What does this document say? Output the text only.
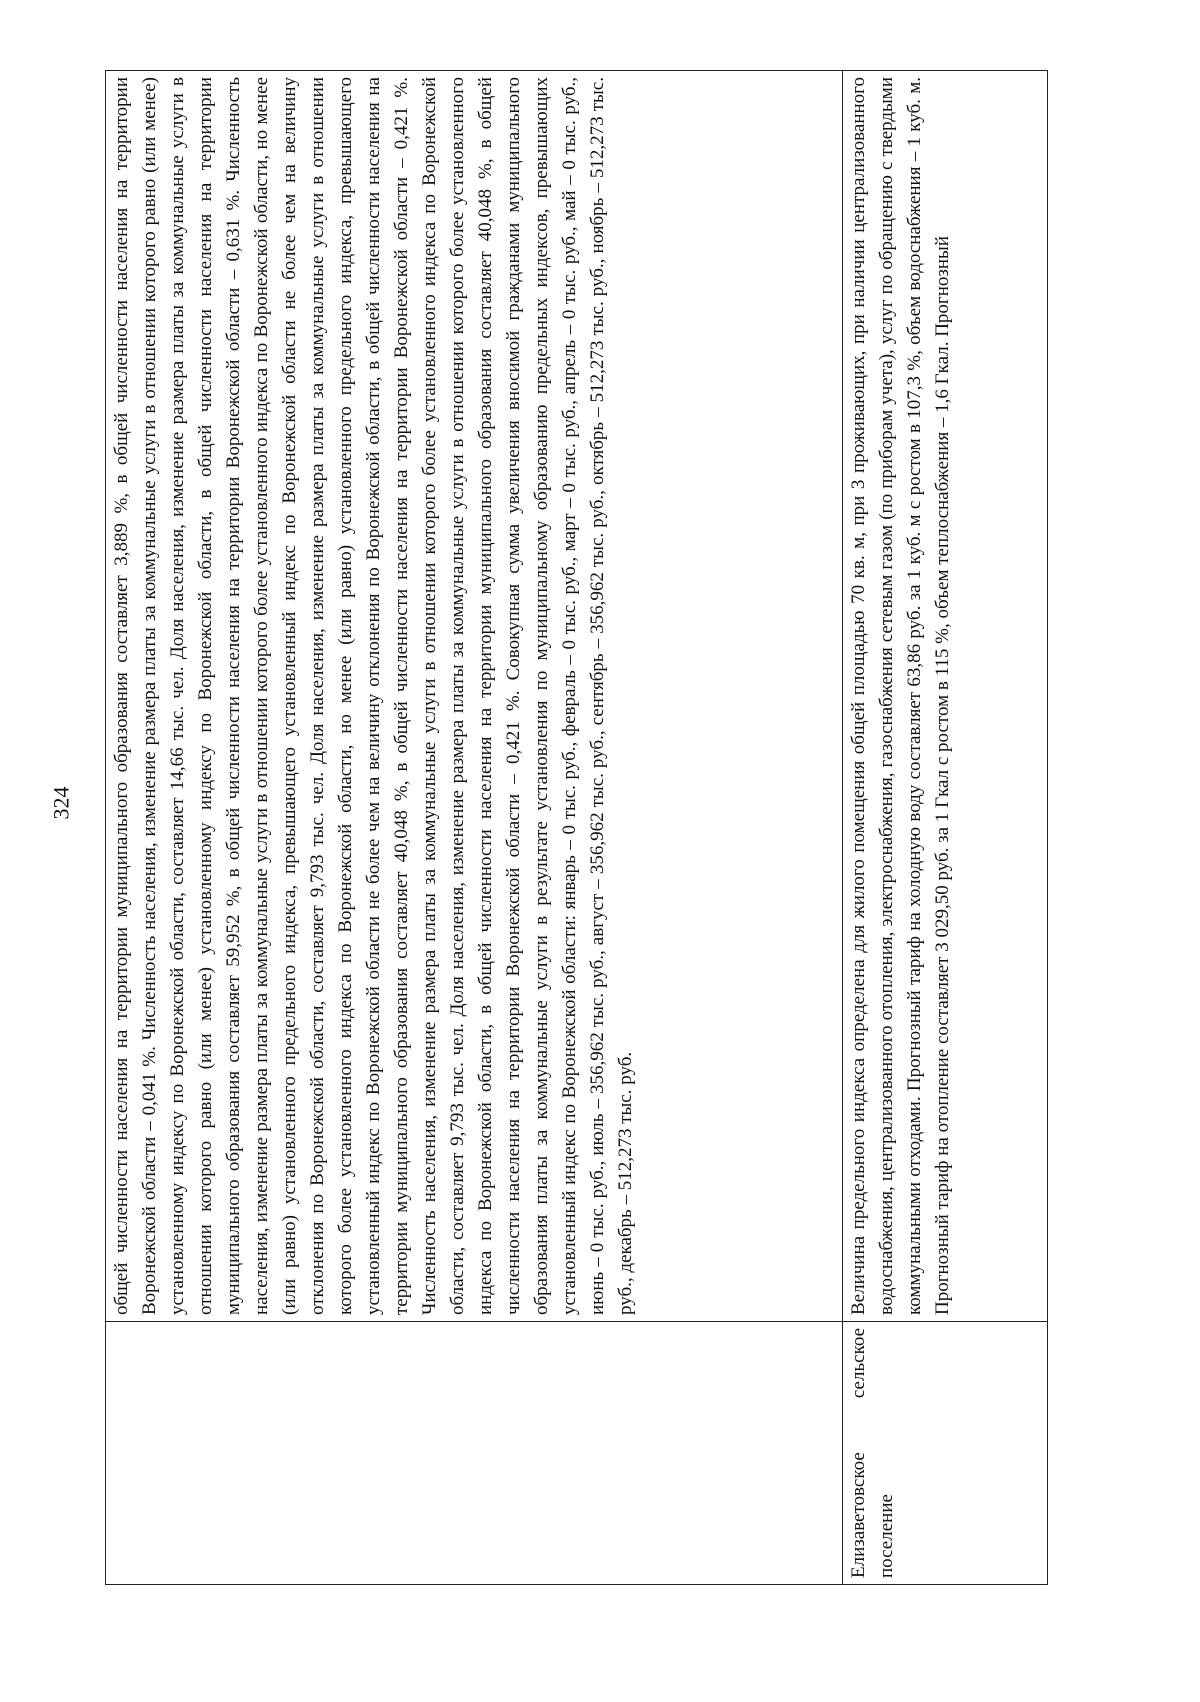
324
	общей численности населения на территории муниципального образования составляет 3,889 %, в общей численности населения на территории Воронежской области – 0,041 %. Численность населения, изменение размера платы за коммунальные услуги в отношении которого равно (или менее) установленному индексу по Воронежской области, составляет 14,66 тыс. чел. Доля населения, изменение размера платы за коммунальные услуги в отношении которого равно (или менее) установленному индексу по Воронежской области, в общей численности населения на территории муниципального образования составляет 59,952 %, в общей численности населения на территории Воронежской области – 0,631 %. Численность населения, изменение размера платы за коммунальные услуги в отношении которого более установленного индекса по Воронежской области, но менее (или равно) установленного предельного индекса, превышающего установленный индекс по Воронежской области не более чем на величину отклонения по Воронежской области, составляет 9,793 тыс. чел. Доля населения, изменение размера платы за коммунальные услуги в отношении которого более установленного индекса по Воронежской области, но менее (или равно) установленного предельного индекса, превышающего установленный индекс по Воронежской области не более чем на величину отклонения по Воронежской области, в общей численности населения на территории муниципального образования составляет 40,048 %, в общей численности населения на территории Воронежской области – 0,421 %. Численность населения, изменение размера платы за коммунальные услуги в отношении которого более установленного индекса по Воронежской области, составляет 9,793 тыс. чел. Доля населения, изменение размера платы за коммунальные услуги в отношении которого более установленного индекса по Воронежской области, в общей численности населения на территории муниципального образования составляет 40,048 %, в общей численности населения на территории Воронежской области – 0,421 %. Совокупная сумма увеличения вносимой гражданами муниципального образования платы за коммунальные услуги в результате установления по муниципальному образованию предельных индексов, превышающих установленный индекс по Воронежской области: январь – 0 тыс. руб., февраль – 0 тыс. руб., март – 0 тыс. руб., апрель – 0 тыс. руб., май – 0 тыс. руб., июнь – 0 тыс. руб., июль – 356,962 тыс. руб., август – 356,962 тыс. руб., сентябрь – 356,962 тыс. руб., октябрь – 512,273 тыс. руб., ноябрь – 512,273 тыс. руб., декабрь – 512,273 тыс. руб.
Елизаветовское сельское поселение	Величина предельного индекса определена для жилого помещения общей площадью 70 кв. м, при 3 проживающих, при наличии централизованного водоснабжения, централизованного отопления, электроснабжения, газоснабжения сетевым газом (по приборам учета), услуг по обращению с твердыми коммунальными отходами. Прогнозный тариф на холодную воду составляет 63,86 руб. за 1 куб. м с ростом в 107,3 %, объем водоснабжения – 1 куб. м. Прогнозный тариф на отопление составляет 3 029,50 руб. за 1 Гкал с ростом в 115 %, объем теплоснабжения – 1,6 Гкал. Прогнозный
